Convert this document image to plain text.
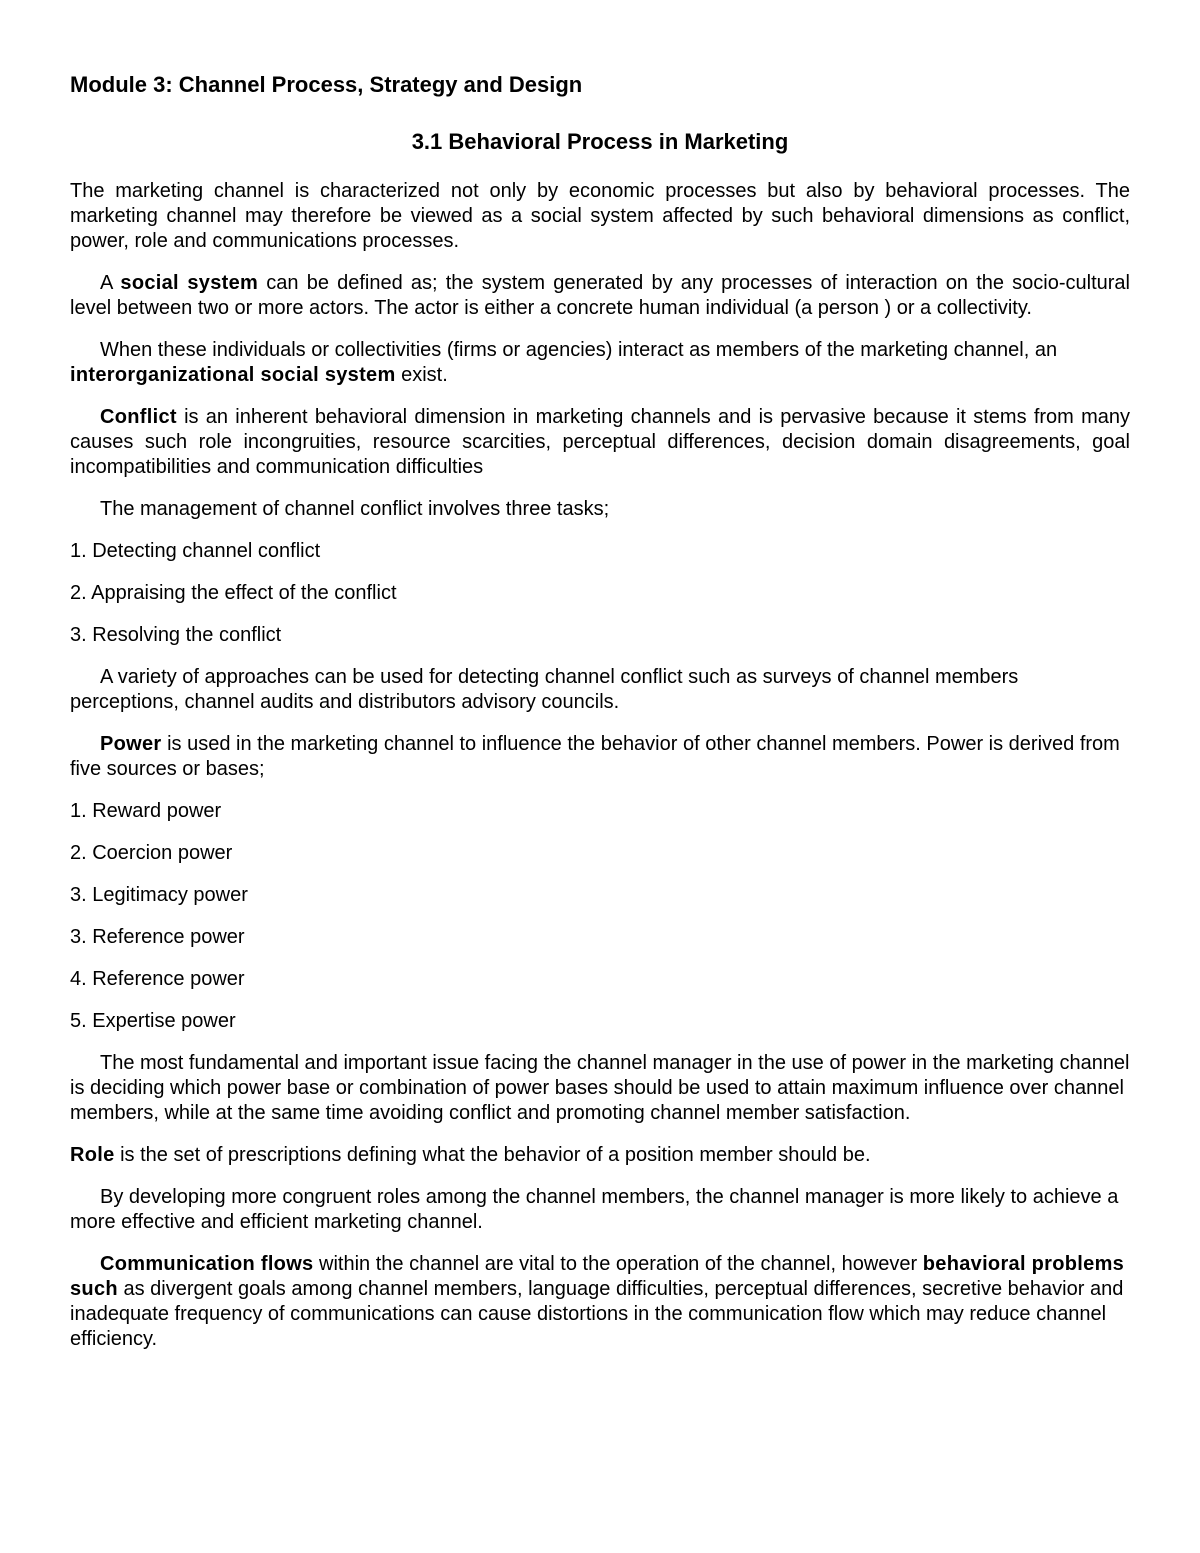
Module 3: Channel Process, Strategy and Design
3.1 Behavioral Process in Marketing

The marketing channel is characterized not only by economic processes but also by behavioral processes. The marketing channel may therefore be viewed as a social system affected by such behavioral dimensions as conflict, power, role and communications processes.

A social system can be defined as; the system generated by any processes of interaction on the socio-cultural level between two or more actors. The actor is either a concrete human individual (a person ) or a collectivity.

When these individuals or collectivities (firms or agencies) interact as members of the marketing channel, an interorganizational social system exist.

Conflict is an inherent behavioral dimension in marketing channels and is pervasive because it stems from many causes such role incongruities, resource scarcities, perceptual differences, decision domain disagreements, goal incompatibilities and communication difficulties

The management of channel conflict involves three tasks;

1. Detecting channel conflict

2. Appraising the effect of the conflict

3. Resolving the conflict

A variety of approaches can be used for detecting channel conflict such as surveys of channel members perceptions, channel audits and distributors advisory councils.

Power is used in the marketing channel to influence the behavior of other channel members. Power is derived from five sources or bases;

1. Reward power

2. Coercion power

3. Legitimacy power

3. Reference power

4. Reference power

5. Expertise power

The most fundamental and important issue facing the channel manager in the use of power in the marketing channel is deciding which power base or combination of power bases should be used to attain maximum influence over channel members, while at the same time avoiding conflict and promoting channel member satisfaction.

Role is the set of prescriptions defining what the behavior of a position member should be.

By developing more congruent roles among the channel members, the channel manager is more likely to achieve a more effective and efficient marketing channel.

Communication flows within the channel are vital to the operation of the channel, however behavioral problems such as divergent goals among channel members, language difficulties, perceptual differences, secretive behavior and inadequate frequency of communications can cause distortions in the communication flow which may reduce channel efficiency.
